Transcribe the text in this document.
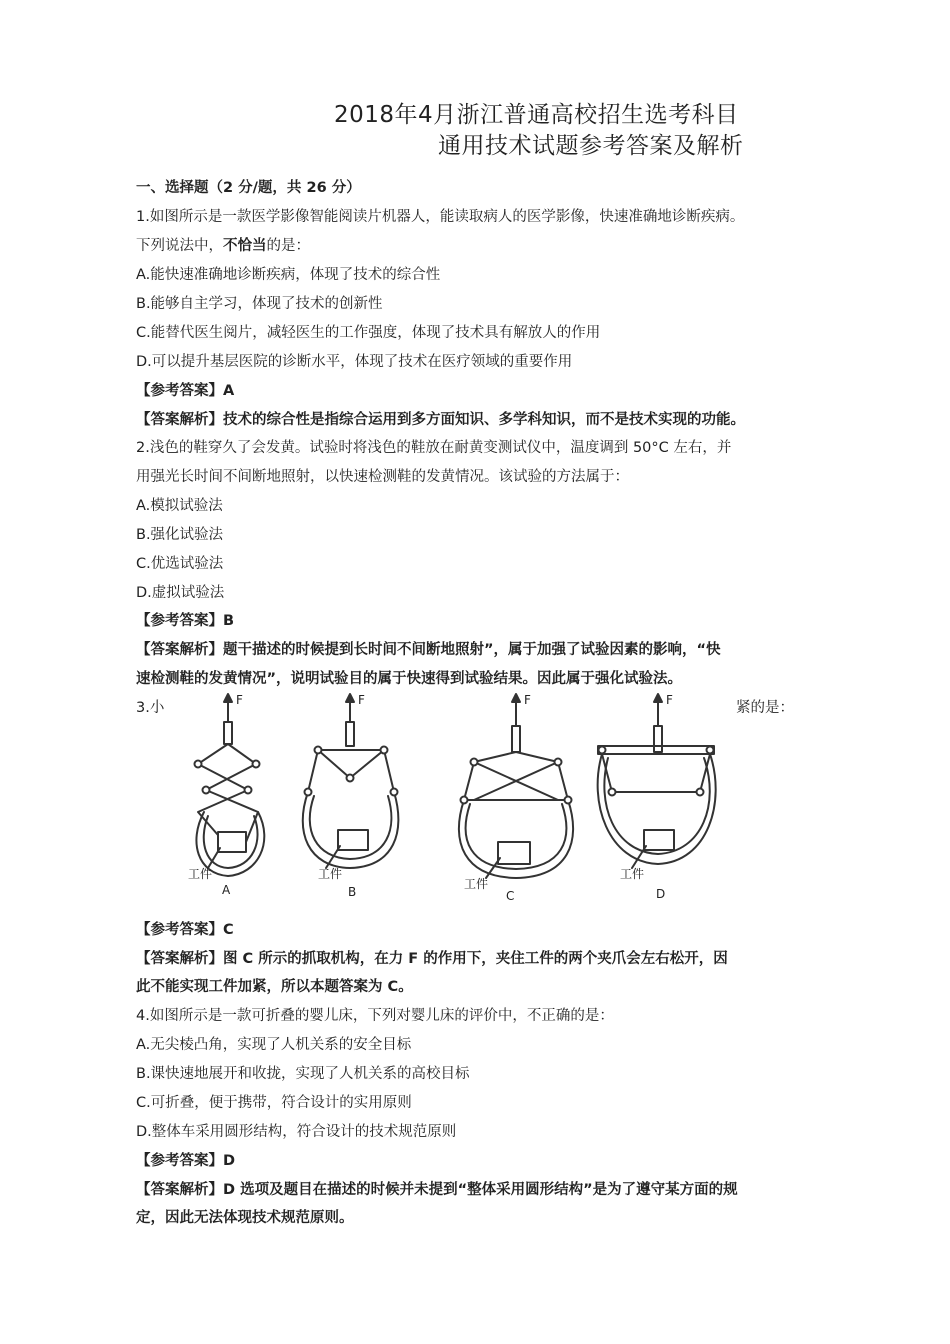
2018年4月浙江普通高校招生选考科目
通用技术试题参考答案及解析
一、选择题（2 分/题，共 26 分）
1.如图所示是一款医学影像智能阅读片机器人，能读取病人的医学影像，快速准确地诊断疾病。
下列说法中，不恰当的是：
A.能快速准确地诊断疾病，体现了技术的综合性
B.能够自主学习，体现了技术的创新性
C.能替代医生阅片，减轻医生的工作强度，体现了技术具有解放人的作用
D.可以提升基层医院的诊断水平，体现了技术在医疗领域的重要作用
【参考答案】A
【答案解析】技术的综合性是指综合运用到多方面知识、多学科知识，而不是技术实现的功能。
2.浅色的鞋穿久了会发黄。试验时将浅色的鞋放在耐黄变测试仪中，温度调到 50°C 左右，并
用强光长时间不间断地照射，以快速检测鞋的发黄情况。该试验的方法属于：
A.模拟试验法
B.强化试验法
C.优选试验法
D.虚拟试验法
【参考答案】B
【答案解析】题干描述的时候提到长时间不间断地照射”，属于加强了试验因素的影响，“快
速检测鞋的发黄情况”，说明试验目的属于快速得到试验结果。因此属于强化试验法。
3.小	紧的是：
F	F	F	F
工件	工件
工件
工件
A	B	C	D
【参考答案】C
【答案解析】图 C 所示的抓取机构，在力 F 的作用下，夹住工件的两个夹爪会左右松开，因
此不能实现工件加紧，所以本题答案为 C。
4.如图所示是一款可折叠的婴儿床，下列对婴儿床的评价中，不正确的是：
A.无尖棱凸角，实现了人机关系的安全目标
B.课快速地展开和收拢，实现了人机关系的高校目标
C.可折叠，便于携带，符合设计的实用原则
D.整体车采用圆形结构，符合设计的技术规范原则
【参考答案】D
【答案解析】D 选项及题目在描述的时候并未提到“整体采用圆形结构”是为了遵守某方面的规
定，因此无法体现技术规范原则。
